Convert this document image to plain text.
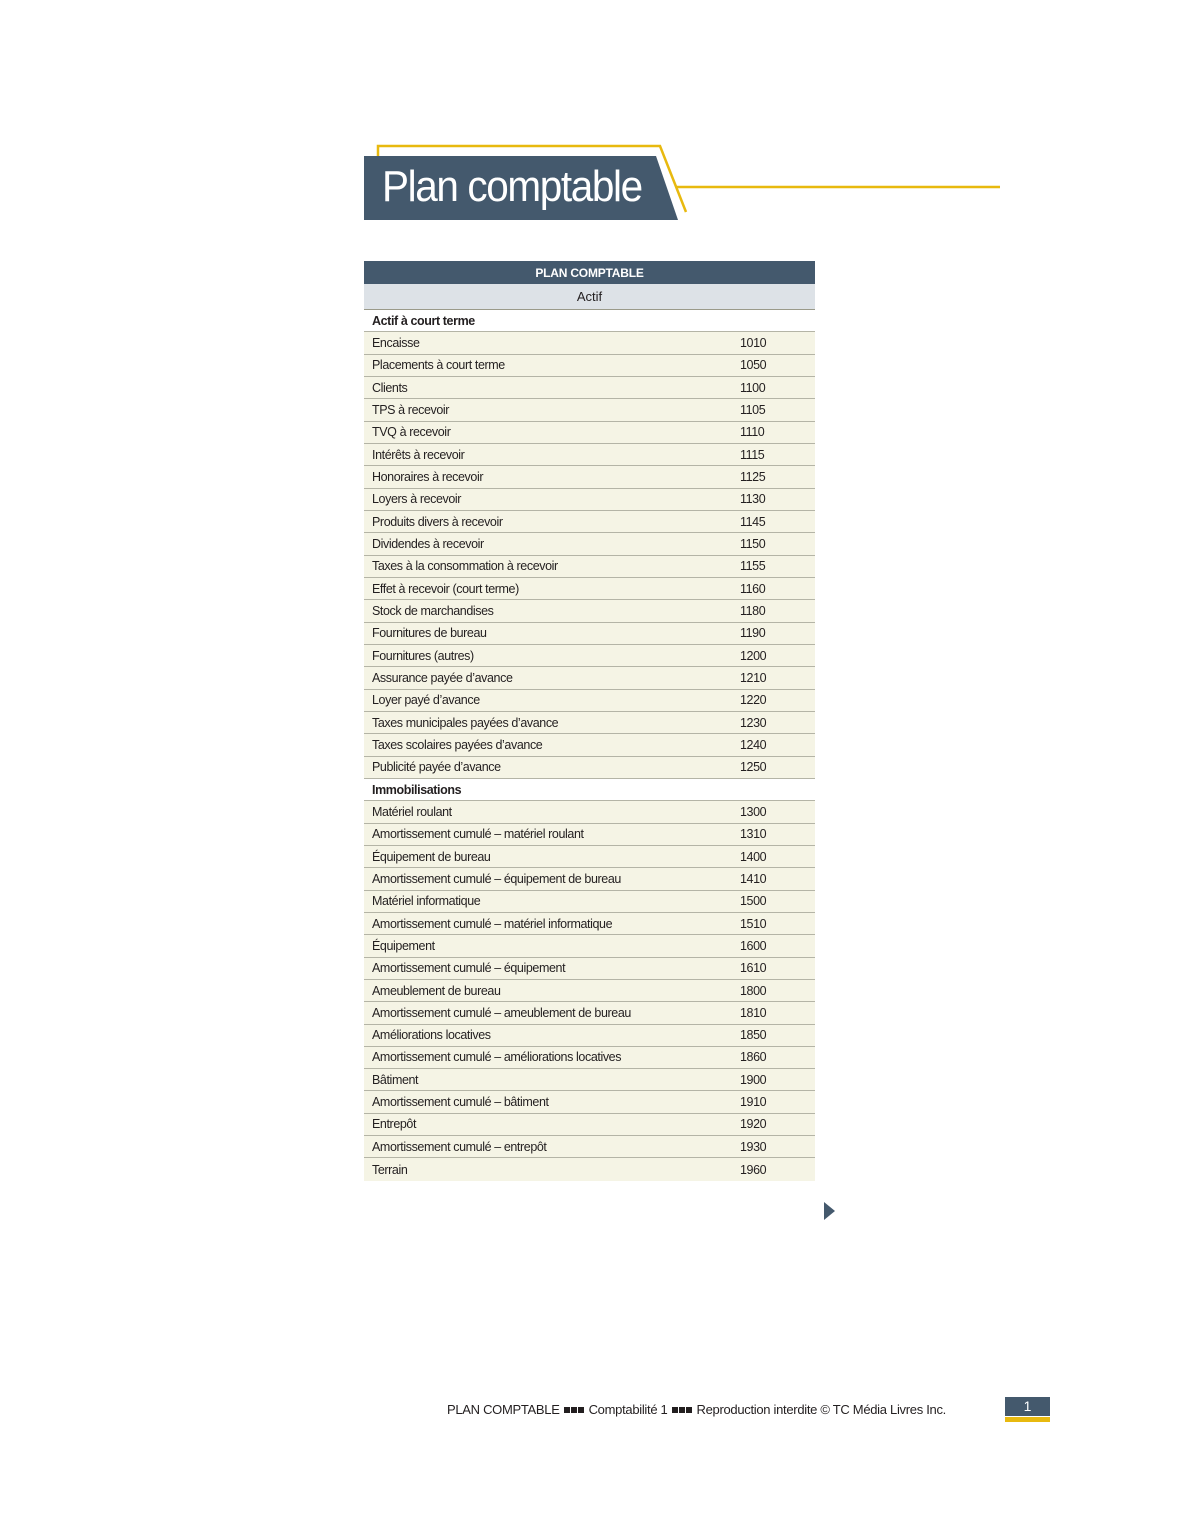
Plan comptable
PLAN COMPTABLE
Actif
Actif à court terme
Encaisse	1010
Placements à court terme	1050
Clients	1100
TPS à recevoir	1105
TVQ à recevoir	1110
Intérêts à recevoir	1115
Honoraires à recevoir	1125
Loyers à recevoir	1130
Produits divers à recevoir	1145
Dividendes à recevoir	1150
Taxes à la consommation à recevoir	1155
Effet à recevoir (court terme)	1160
Stock de marchandises	1180
Fournitures de bureau	1190
Fournitures (autres)	1200
Assurance payée d’avance	1210
Loyer payé d’avance	1220
Taxes municipales payées d’avance	1230
Taxes scolaires payées d’avance	1240
Publicité payée d’avance	1250
Immobilisations
Matériel roulant	1300
Amortissement cumulé – matériel roulant	1310
Équipement de bureau	1400
Amortissement cumulé – équipement de bureau	1410
Matériel informatique	1500
Amortissement cumulé – matériel informatique	1510
Équipement	1600
Amortissement cumulé – équipement	1610
Ameublement de bureau	1800
Amortissement cumulé – ameublement de bureau	1810
Améliorations locatives	1850
Amortissement cumulé – améliorations locatives	1860
Bâtiment	1900
Amortissement cumulé – bâtiment	1910
Entrepôt	1920
Amortissement cumulé – entrepôt	1930
Terrain	1960
PLAN COMPTABLE Comptabilité 1 Reproduction interdite © TC Média Livres Inc.	1
